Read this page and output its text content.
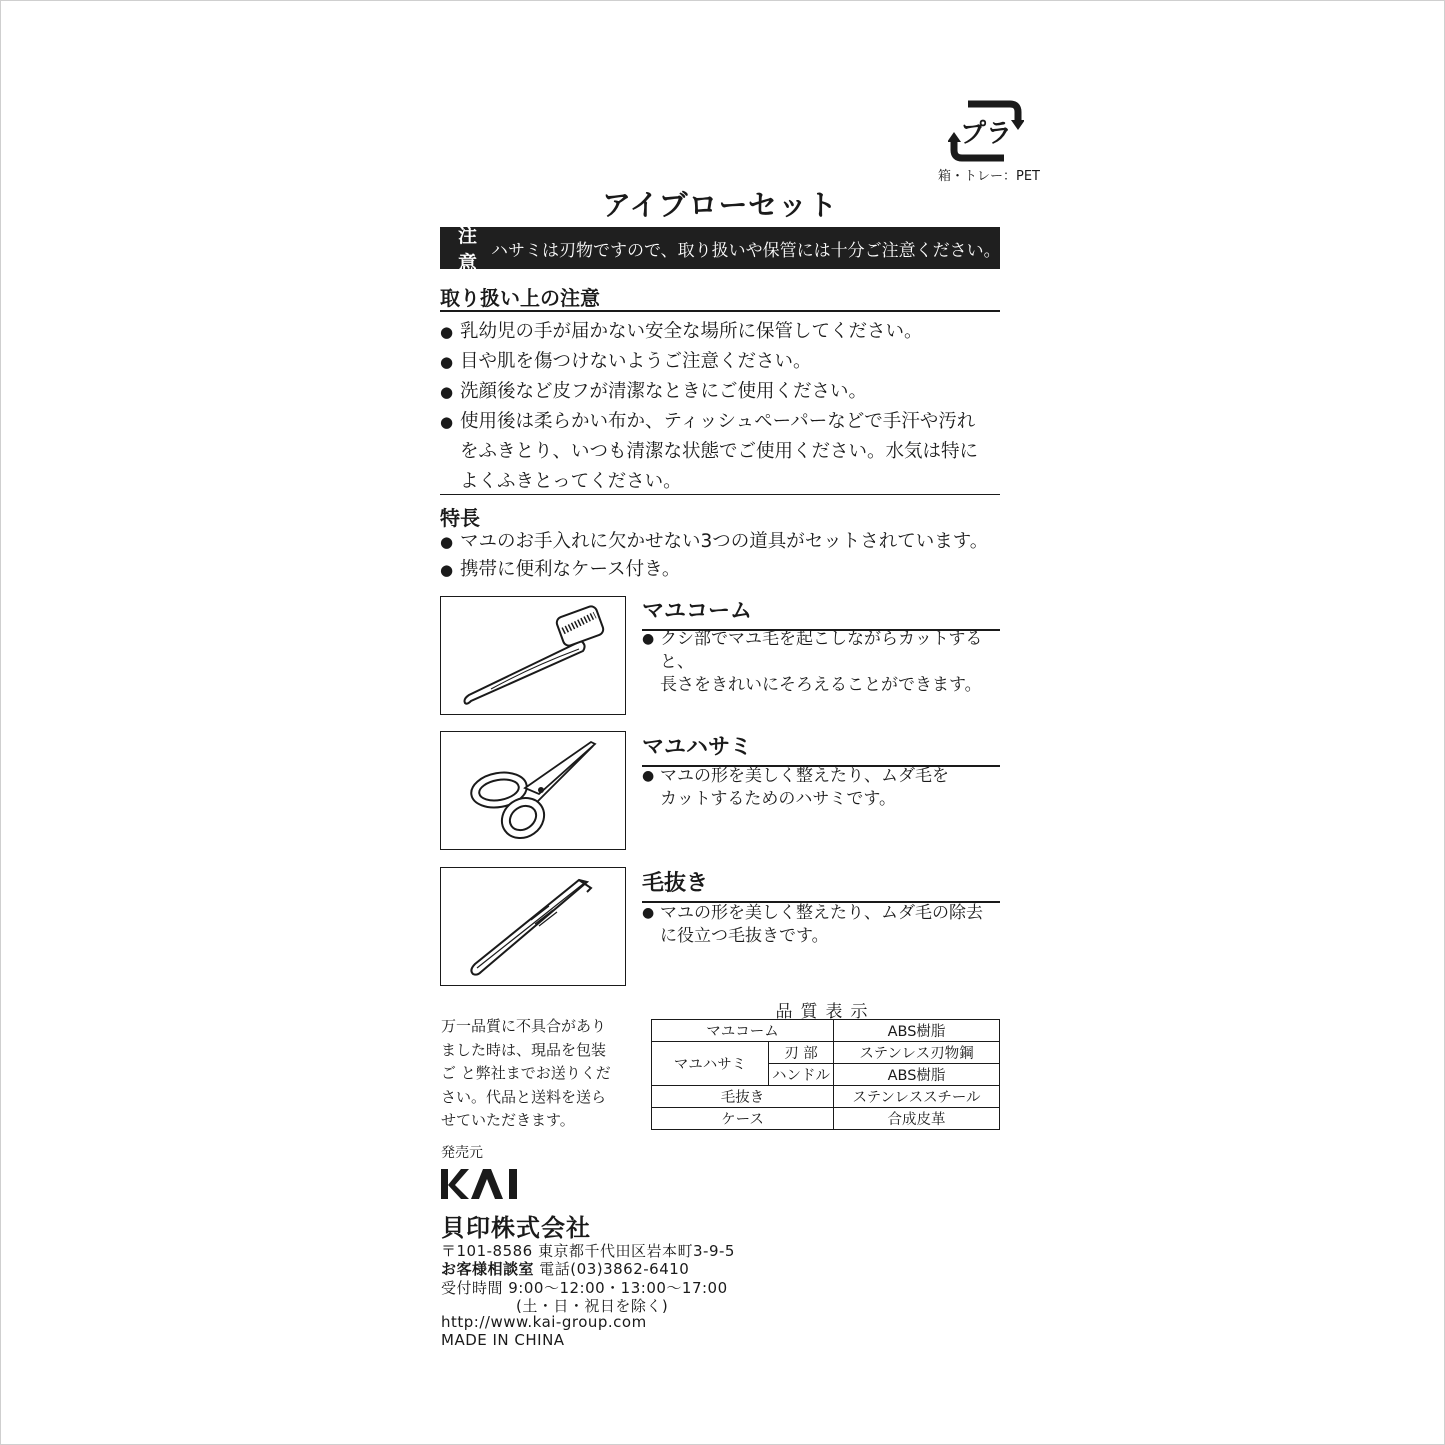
プラ
箱・トレー：PET
アイブローセット
注意
ハサミは刃物ですので、取り扱いや保管には十分ご注意ください。
取り扱い上の注意
● 乳幼児の手が届かない安全な場所に保管してください。
● 目や肌を傷つけないようご注意ください。
● 洗顔後など皮フが清潔なときにご使用ください。
● 使用後は柔らかい布か、ティッシュペーパーなどで手汗や汚れ
をふきとり、いつも清潔な状態でご使用ください。水気は特に
よくふきとってください。
特長
● マユのお手入れに欠かせない3つの道具がセットされています。
● 携帯に便利なケース付き。
マユコーム
● クシ部でマユ毛を起こしながらカットすると、
長さをきれいにそろえることができます。
マユハサミ
● マユの形を美しく整えたり、ムダ毛を
カットするためのハサミです。
毛抜き
● マユの形を美しく整えたり、ムダ毛の除去
に役立つ毛抜きです。
万一品質に不具合があり
ました時は、現品を包装
ご と弊社までお送りくだ
さい。代品と送料を送ら
せていただきます。
品質表示
マユコーム		ABS樹脂
マユハサミ	刃 部	ステンレス刃物鋼
	ハンドル	ABS樹脂
毛抜き		ステンレススチール
ケース		合成皮革
発売元
貝印株式会社
〒101-8586 東京都千代田区岩本町3-9-5
お客様相談室 電話(03)3862-6410
受付時間 9:00〜12:00・13:00〜17:00
(土・日・祝日を除く)
http://www.kai-group.com
MADE IN CHINA
